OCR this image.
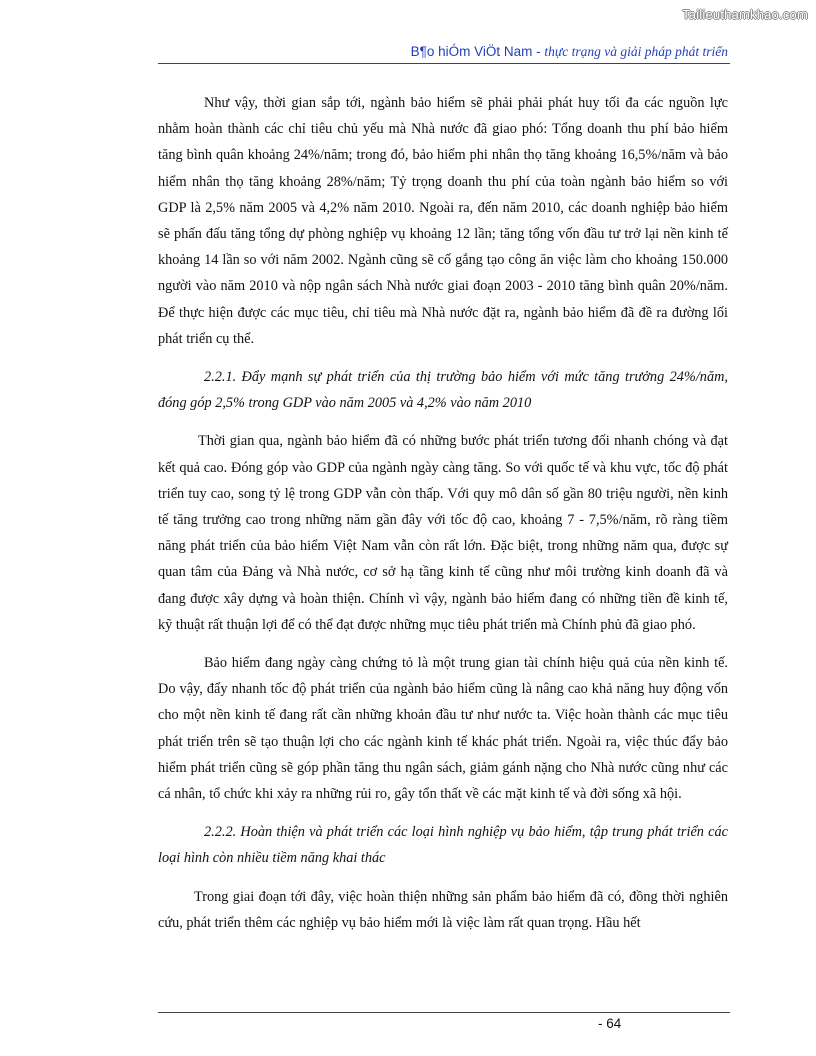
Tailieuthamkhao.com
B¶o hiÓm ViÖt Nam - thực trạng và giải pháp phát triển

Như vậy, thời gian sắp tới, ngành bảo hiểm sẽ phải phải phát huy tối đa các nguồn lực nhằm hoàn thành các chỉ tiêu chủ yếu mà Nhà nước đã giao phó: Tổng doanh thu phí bảo hiểm tăng bình quân khoảng 24%/năm; trong đó, bảo hiểm phi nhân thọ tăng khoảng 16,5%/năm và bảo hiểm nhân thọ tăng khoảng 28%/năm; Tỷ trọng doanh thu phí của toàn ngành bảo hiểm so với GDP là 2,5% năm 2005 và 4,2% năm 2010. Ngoài ra, đến năm 2010, các doanh nghiệp bảo hiểm sẽ phấn đấu tăng tổng dự phòng nghiệp vụ khoảng 12 lần; tăng tổng vốn đầu tư trở lại nền kinh tế khoảng 14 lần so với năm 2002. Ngành cũng sẽ cố gắng tạo công ăn việc làm cho khoảng 150.000 người vào năm 2010 và nộp ngân sách Nhà nước giai đoạn 2003 - 2010 tăng bình quân 20%/năm. Để thực hiện được các mục tiêu, chỉ tiêu mà Nhà nước đặt ra, ngành bảo hiểm đã đề ra đường lối phát triển cụ thể.

2.2.1. Đẩy mạnh sự phát triển của thị trường bảo hiểm với mức tăng trưởng 24%/năm, đóng góp 2,5% trong GDP vào năm 2005 và 4,2% vào năm 2010

Thời gian qua, ngành bảo hiểm đã có những bước phát triển tương đối nhanh chóng và đạt kết quả cao. Đóng góp vào GDP của ngành ngày càng tăng. So với quốc tế và khu vực, tốc độ phát triển tuy cao, song tỷ lệ trong GDP vẫn còn thấp. Với quy mô dân số gần 80 triệu người, nền kinh tế tăng trưởng cao trong những năm gần đây với tốc độ cao, khoảng 7 - 7,5%/năm, rõ ràng tiềm năng phát triển của bảo hiểm Việt Nam vẫn còn rất lớn. Đặc biệt, trong những năm qua, được sự quan tâm của Đảng và Nhà nước, cơ sở hạ tầng kinh tế cũng như môi trường kinh doanh đã và đang được xây dựng và hoàn thiện. Chính vì vậy, ngành bảo hiểm đang có những tiền đề kinh tế, kỹ thuật rất thuận lợi để có thể đạt được những mục tiêu phát triển mà Chính phủ đã giao phó.

Bảo hiểm đang ngày càng chứng tỏ là một trung gian tài chính hiệu quả của nền kinh tế. Do vậy, đẩy nhanh tốc độ phát triển của ngành bảo hiểm cũng là nâng cao khả năng huy động vốn cho một nền kinh tế đang rất cần những khoản đầu tư như nước ta. Việc hoàn thành các mục tiêu phát triển trên sẽ tạo thuận lợi cho các ngành kinh tế khác phát triển. Ngoài ra, việc thúc đẩy bảo hiểm phát triển cũng sẽ góp phần tăng thu ngân sách, giảm gánh nặng cho Nhà nước cũng như các cá nhân, tổ chức khi xảy ra những rủi ro, gây tổn thất về các mặt kinh tế và đời sống xã hội.

2.2.2. Hoàn thiện và phát triển các loại hình nghiệp vụ bảo hiểm, tập trung phát triển các loại hình còn nhiều tiềm năng khai thác

Trong giai đoạn tới đây, việc hoàn thiện những sản phẩm bảo hiểm đã có, đồng thời nghiên cứu, phát triển thêm các nghiệp vụ bảo hiểm mới là việc làm rất quan trọng. Hầu hết

- 64
